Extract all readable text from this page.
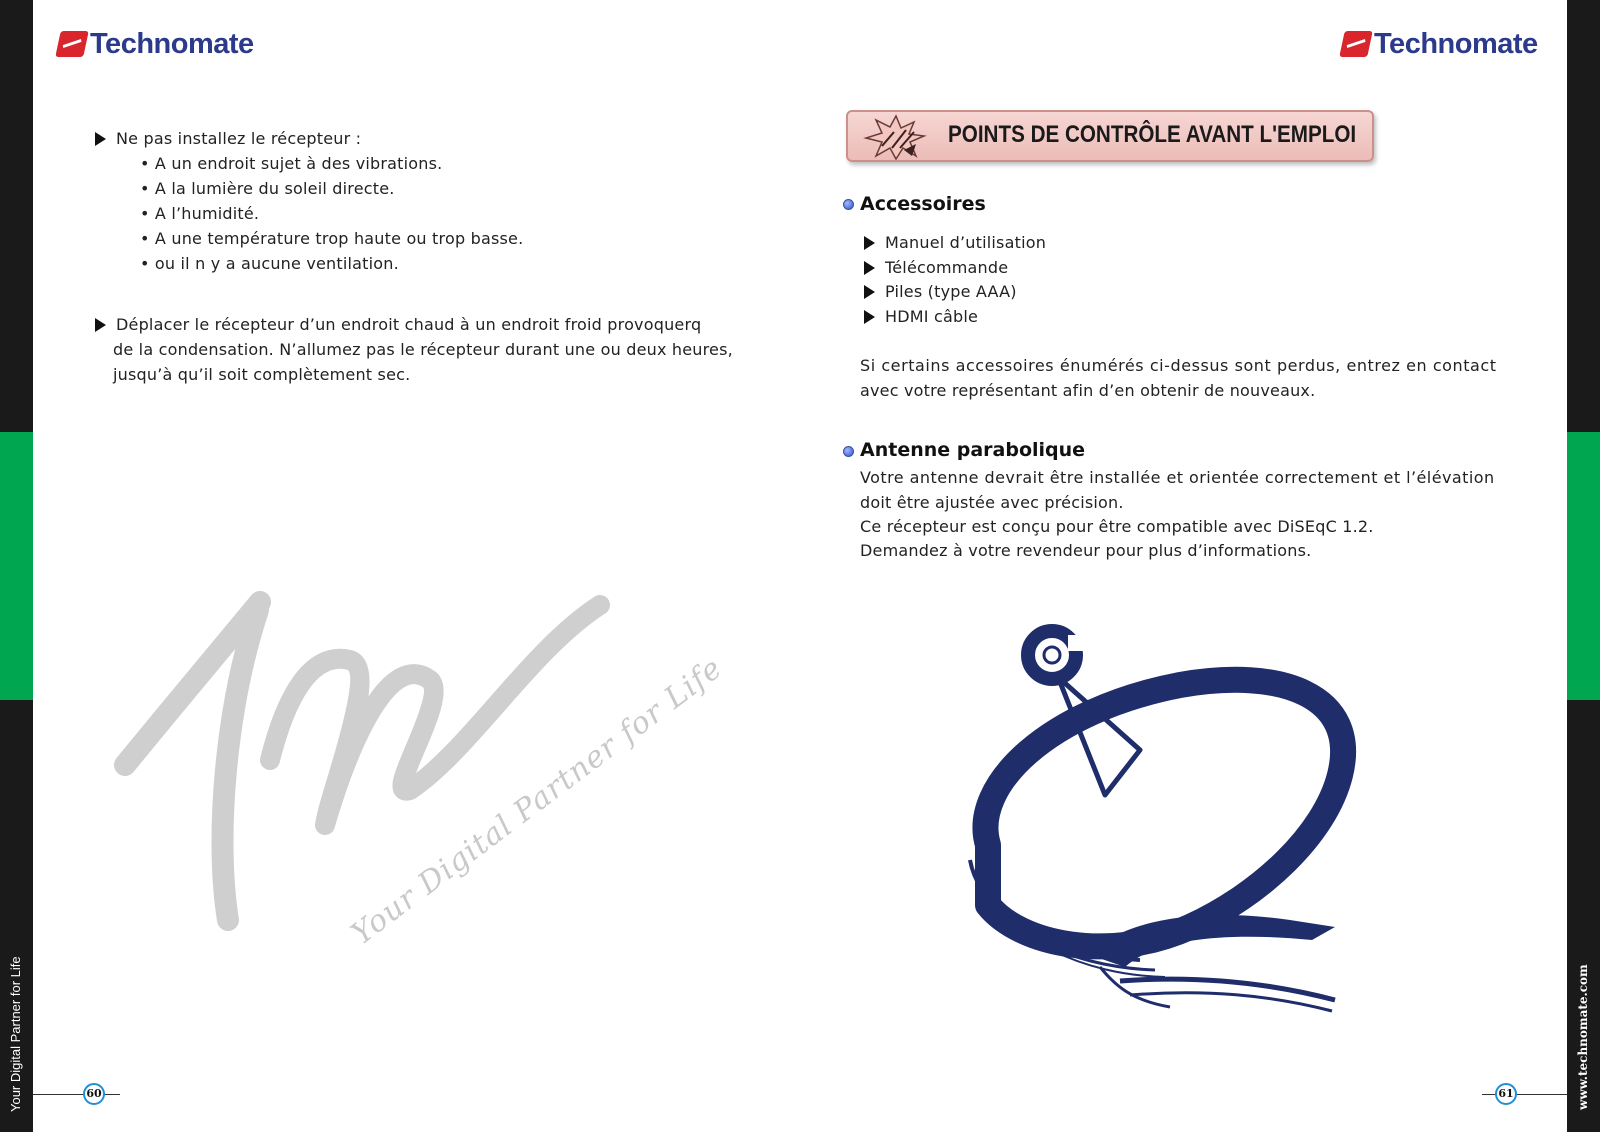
Your Digital Partner for Life	www.technomate.com
Technomate	Technomate
Ne pas installez le récepteur :
• A un endroit sujet à des vibrations.
• A la lumière du soleil directe.
• A l’humidité.
• A une température trop haute ou trop basse.
• ou il n y a aucune ventilation.
Déplacer le récepteur d’un endroit chaud à un endroit froid provoquerq
de la condensation. N’allumez pas le récepteur durant une ou deux heures,
jusqu’à qu’il soit complètement sec.
Your Digital Partner for Life
POINTS DE CONTRÔLE AVANT L'EMPLOI
Accessoires
Manuel d’utilisation
Télécommande
Piles (type AAA)
HDMI câble
Si certains accessoires énumérés ci-dessus sont perdus, entrez en contact
avec votre représentant afin d’en obtenir de nouveaux.
Antenne parabolique
Votre antenne devrait être installée et orientée correctement et l’élévation
doit être ajustée avec précision.
Ce récepteur est conçu pour être compatible avec DiSEqC 1.2.
Demandez à votre revendeur pour plus d’informations.
60	61
